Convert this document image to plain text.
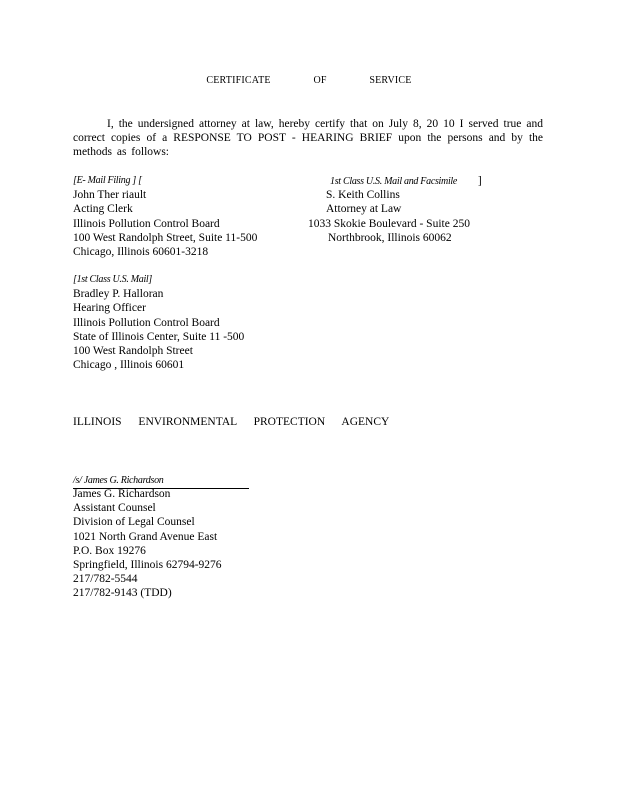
CERTIFICATE	OF	SERVICE
I, the undersigned attorney at law, hereby certify that on July 8, 20 10 I served true and correct copies of a RESPONSE TO POST - HEARING BRIEF upon the persons and by the methods as follows:
[E- Mail Filing ] [
John Ther riault
Acting Clerk
Illinois Pollution Control Board
100 West Randolph Street, Suite 11-500
Chicago, Illinois 60601-3218
1st Class U.S. Mail and Facsimile ]
S. Keith Collins
Attorney at Law
1033 Skokie Boulevard - Suite 250
Northbrook, Illinois 60062
[1st Class U.S. Mail]
Bradley P. Halloran
Hearing Officer
Illinois Pollution Control Board
State of Illinois Center, Suite 11 -500
100 West Randolph Street
Chicago , Illinois 60601
ILLINOIS ENVIRONMENTAL PROTECTION AGENCY
/s/ James G. Richardson
James G. Richardson
Assistant Counsel
Division of Legal Counsel
1021 North Grand Avenue East
P.O. Box 19276
Springfield, Illinois 62794-9276
217/782-5544
217/782-9143 (TDD)
